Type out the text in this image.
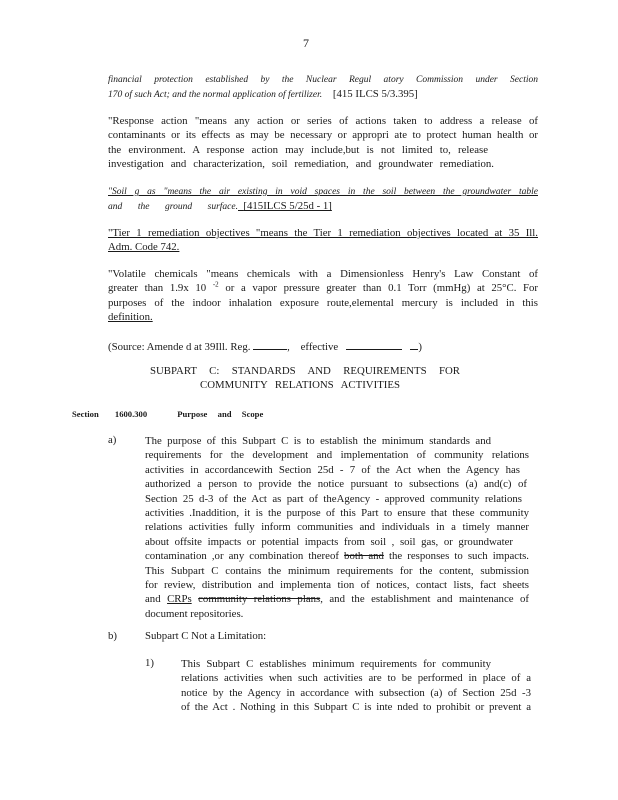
7
financial protection established by the Nuclear Regul atory Commission under Section
170 of such Act; and the normal application of fertilizer. [415 ILCS 5/3.395]
"Response action "means any action or series of actions taken to address a release of
contaminants or its effects as may be necessary or appropri ate to protect human health or
the environment. A response action may include,but is not limited to, release
investigation and characterization, soil remediation, and groundwater remediation.
"Soil g as "means the air existing in void spaces in the soil between the groundwater table
and the ground surface. [415ILCS 5/25d - 1]
"Tier 1 remediation objectives "means the Tier 1 remediation objectives located at 35 Ill.
Adm. Code 742.
"Volatile chemicals "means chemicals with a Dimensionless Henry's Law Constant of
greater than 1.9x 10 $^{-2}$ or a vapor pressure greater than 0.1 Torr (mmHg) at 25°C. For
purposes of the indoor inhalation exposure route,elemental mercury is included in this
definition.
(Source: Amende d at 39Ill. Reg.	, effective	)
SUBPART C: STANDARDS AND REQUIREMENTS FOR
COMMUNITY RELATIONS ACTIVITIES
Section 1600.300	Purpose and Scope
a)	The purpose of this Subpart C is to establish the minimum standards and
requirements for the development and implementation of community relations
activities in accordancewith Section 25d - 7 of the Act when the Agency has
authorized a person to provide the notice pursuant to subsections (a) and(c) of
Section 25 d-3 of the Act as part of theAgency - approved community relations
activities .Inaddition, it is the purpose of this Part to ensure that these community
relations activities fully inform communities and individuals in a timely manner
about offsite impacts or potential impacts from soil , soil gas, or groundwater
contamination ,or any combination thereof both and the responses to such impacts.
This Subpart C contains the minimum requirements for the content, submission
for review, distribution and implementa tion of notices, contact lists, fact sheets
and CRPs community relations plans, and the establishment and maintenance of
document repositories.
b)	Subpart C Not a Limitation:
1)	This Subpart C establishes minimum requirements for community
relations activities when such activities are to be performed in place of a
notice by the Agency in accordance with subsection (a) of Section 25d -3
of the Act . Nothing in this Subpart C is inte nded to prohibit or prevent a
